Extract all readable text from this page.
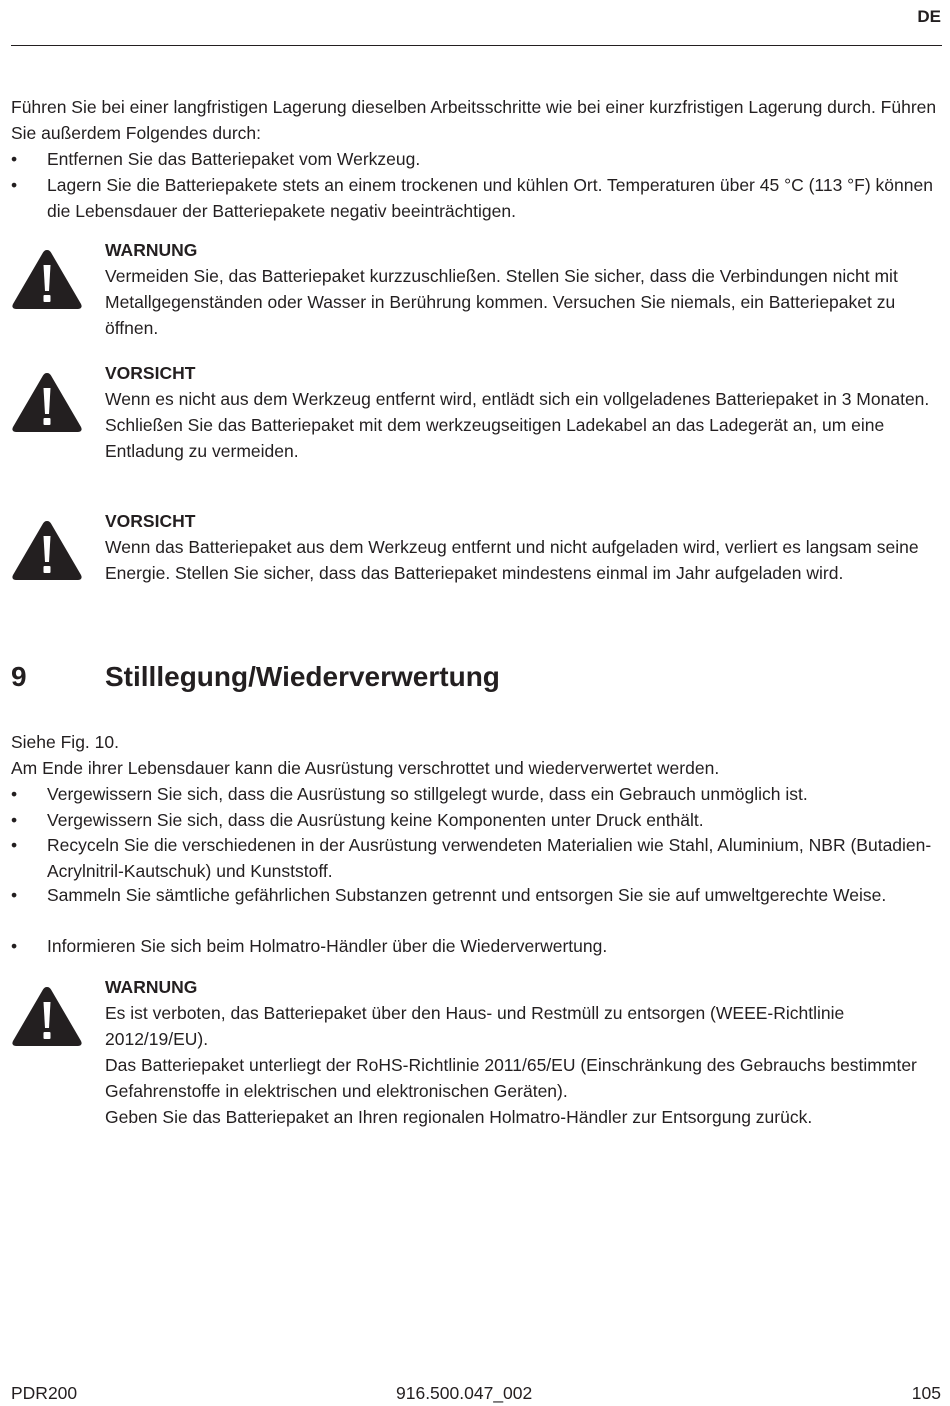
DE

Führen Sie bei einer langfristigen Lagerung dieselben Arbeitsschritte wie bei einer kurzfristigen Lagerung durch. Führen Sie außerdem Folgendes durch:

• Entfernen Sie das Batteriepaket vom Werkzeug.
• Lagern Sie die Batteriepakete stets an einem trockenen und kühlen Ort. Temperaturen über 45 °C (113 °F) können die Lebensdauer der Batteriepakete negativ beeinträchtigen.
WARNUNG
Vermeiden Sie, das Batteriepaket kurzzuschließen. Stellen Sie sicher, dass die Verbindungen nicht mit Metallgegenständen oder Wasser in Berührung kommen. Versuchen Sie niemals, ein Batteriepaket zu öffnen.
VORSICHT
Wenn es nicht aus dem Werkzeug entfernt wird, entlädt sich ein vollgeladenes Batteriepaket in 3 Monaten.
Schließen Sie das Batteriepaket mit dem werkzeugseitigen Ladekabel an das Ladegerät an, um eine Entladung zu vermeiden.
VORSICHT
Wenn das Batteriepaket aus dem Werkzeug entfernt und nicht aufgeladen wird, verliert es langsam seine Energie. Stellen Sie sicher, dass das Batteriepaket mindestens einmal im Jahr aufgeladen wird.
9	Stilllegung/Wiederverwertung

Siehe Fig. 10.

Am Ende ihrer Lebensdauer kann die Ausrüstung verschrottet und wiederverwertet werden.

• Vergewissern Sie sich, dass die Ausrüstung so stillgelegt wurde, dass ein Gebrauch unmöglich ist.
• Vergewissern Sie sich, dass die Ausrüstung keine Komponenten unter Druck enthält.
• Recyceln Sie die verschiedenen in der Ausrüstung verwendeten Materialien wie Stahl, Aluminium, NBR (Butadien-Acrylnitril-Kautschuk) und Kunststoff.
• Sammeln Sie sämtliche gefährlichen Substanzen getrennt und entsorgen Sie sie auf umweltgerechte Weise.
• Informieren Sie sich beim Holmatro-Händler über die Wiederverwertung.
WARNUNG
Es ist verboten, das Batteriepaket über den Haus- und Restmüll zu entsorgen (WEEE-Richtlinie 2012/19/EU).
Das Batteriepaket unterliegt der RoHS-Richtlinie 2011/65/EU (Einschränkung des Gebrauchs bestimmter Gefahrenstoffe in elektrischen und elektronischen Geräten).
Geben Sie das Batteriepaket an Ihren regionalen Holmatro-Händler zur Entsorgung zurück.
PDR200	916.500.047_002	105
